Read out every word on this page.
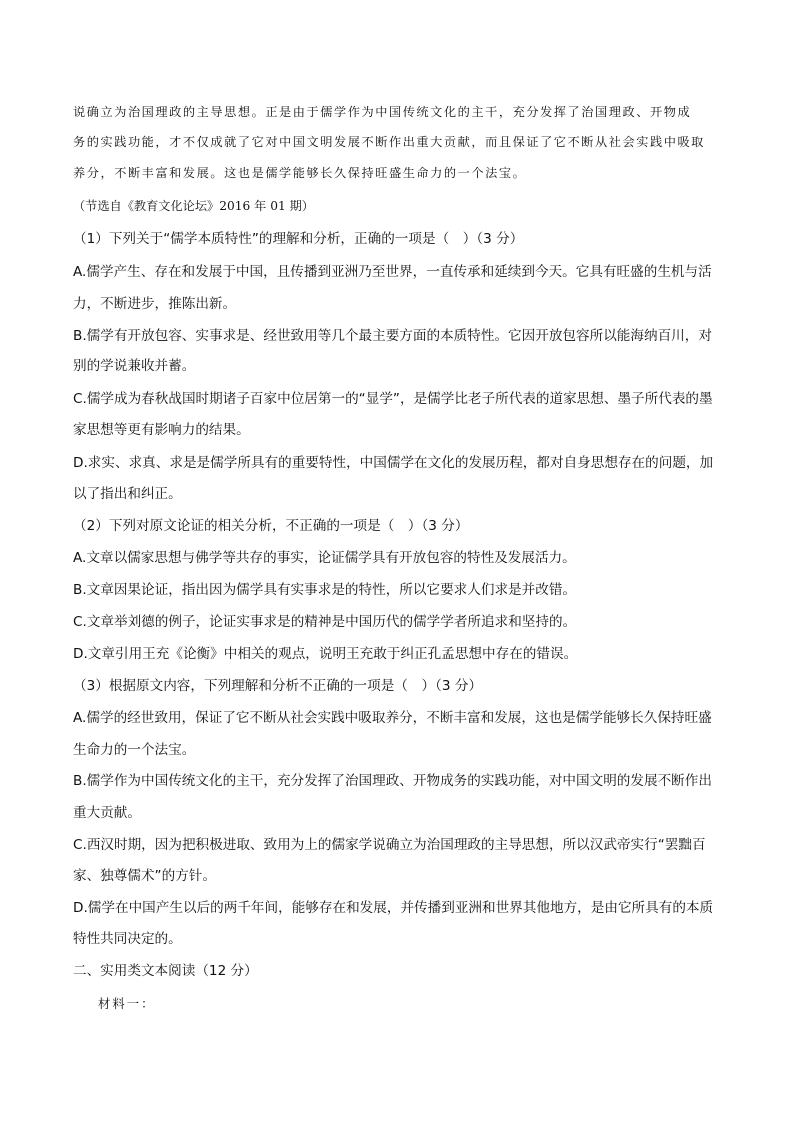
说确立为治国理政的主导思想。正是由于儒学作为中国传统文化的主干，充分发挥了治国理政、开物成
务的实践功能，才不仅成就了它对中国文明发展不断作出重大贡献，而且保证了它不断从社会实践中吸取
养分，不断丰富和发展。这也是儒学能够长久保持旺盛生命力的一个法宝。
（节选自《教育文化论坛》2016 年 01 期）
（1）下列关于“儒学本质特性”的理解和分析，正确的一项是（　）（3 分）
A.儒学产生、存在和发展于中国，且传播到亚洲乃至世界，一直传承和延续到今天。它具有旺盛的生机与活
力，不断进步，推陈出新。
B.儒学有开放包容、实事求是、经世致用等几个最主要方面的本质特性。它因开放包容所以能海纳百川，对
别的学说兼收并蓄。
C.儒学成为春秋战国时期诸子百家中位居第一的“显学”，是儒学比老子所代表的道家思想、墨子所代表的墨
家思想等更有影响力的结果。
D.求实、求真、求是是儒学所具有的重要特性，中国儒学在文化的发展历程，都对自身思想存在的问题，加
以了指出和纠正。
（2）下列对原文论证的相关分析，不正确的一项是（　）（3 分）
A.文章以儒家思想与佛学等共存的事实，论证儒学具有开放包容的特性及发展活力。
B.文章因果论证，指出因为儒学具有实事求是的特性，所以它要求人们求是并改错。
C.文章举刘德的例子，论证实事求是的精神是中国历代的儒学学者所追求和坚持的。
D.文章引用王充《论衡》中相关的观点，说明王充敢于纠正孔孟思想中存在的错误。
（3）根据原文内容，下列理解和分析不正确的一项是（　）（3 分）
A.儒学的经世致用，保证了它不断从社会实践中吸取养分，不断丰富和发展，这也是儒学能够长久保持旺盛
生命力的一个法宝。
B.儒学作为中国传统文化的主干，充分发挥了治国理政、开物成务的实践功能，对中国文明的发展不断作出
重大贡献。
C.西汉时期，因为把积极进取、致用为上的儒家学说确立为治国理政的主导思想，所以汉武帝实行“罢黜百
家、独尊儒术”的方针。
D.儒学在中国产生以后的两千年间，能够存在和发展，并传播到亚洲和世界其他地方，是由它所具有的本质
特性共同决定的。
二、实用类文本阅读（12 分）
材料一：
